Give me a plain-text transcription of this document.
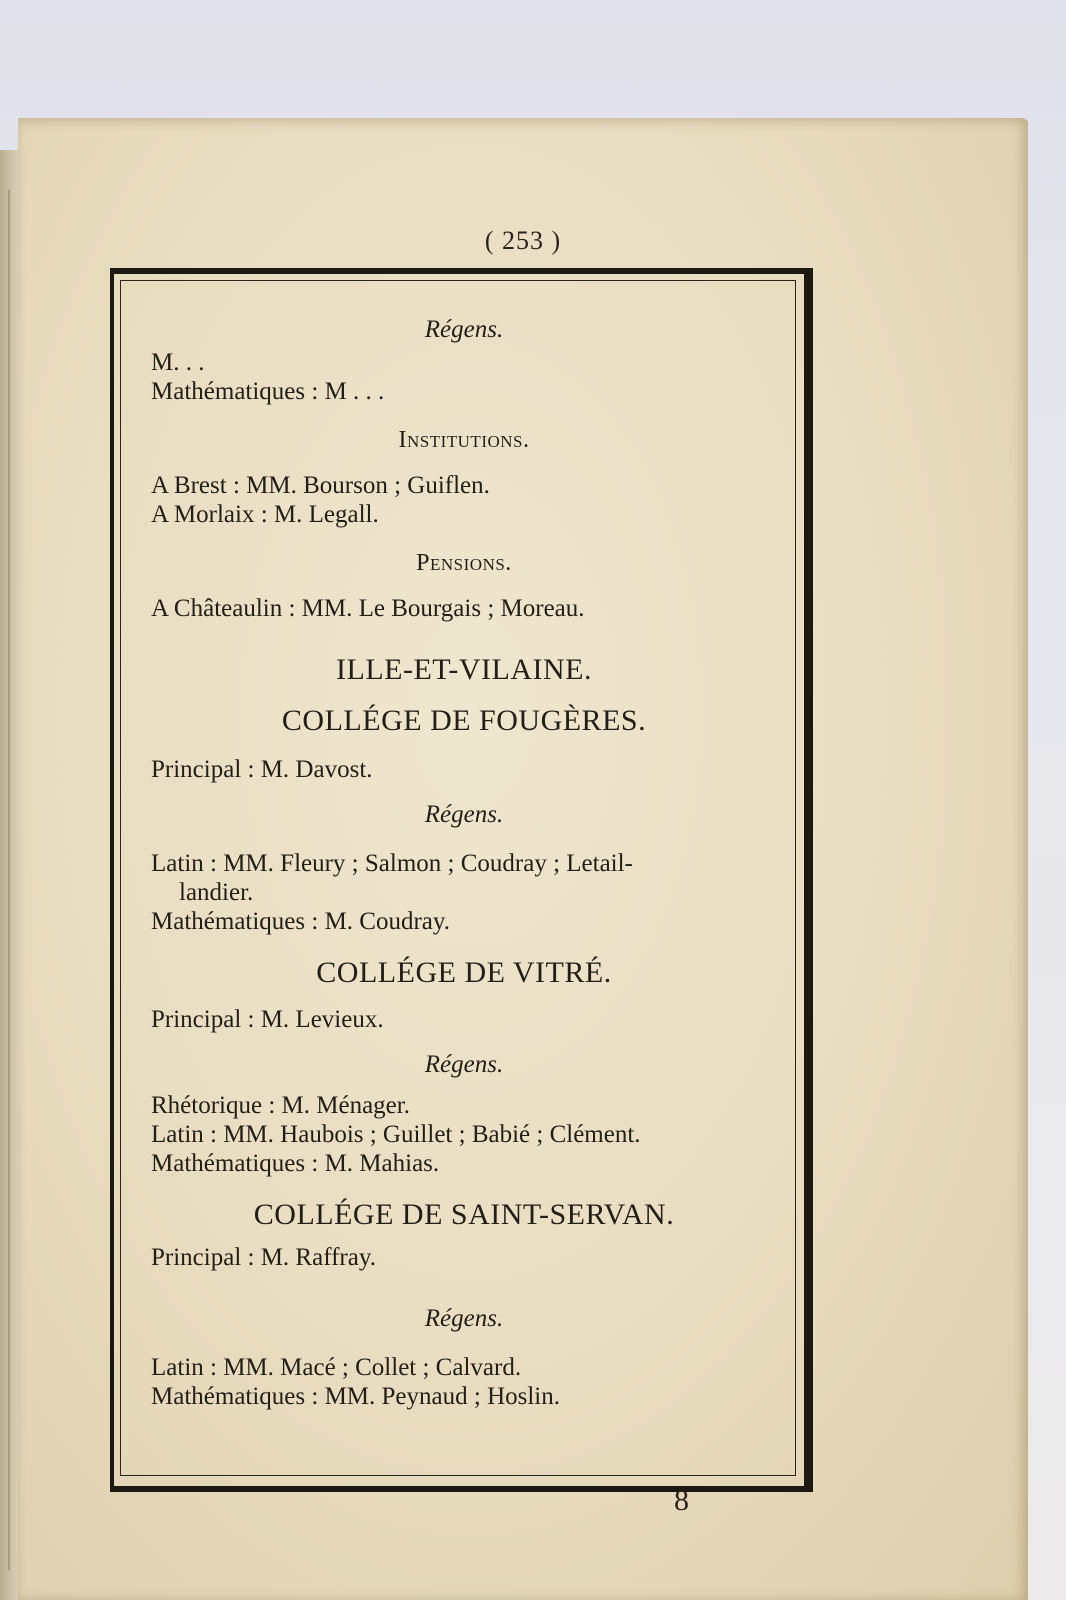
( 253 )
Régens.
M. . .
Mathématiques : M . . .
Institutions.
A Brest : MM. Bourson ; Guiflen.
A Morlaix : M. Legall.
Pensions.
A Châteaulin : MM. Le Bourgais ; Moreau.
ILLE-ET-VILAINE.
COLLÉGE DE FOUGÈRES.
Principal : M. Davost.
Régens.
Latin : MM. Fleury ; Salmon ; Coudray ; Letail-
landier.
Mathématiques : M. Coudray.
COLLÉGE DE VITRÉ.
Principal : M. Levieux.
Régens.
Rhétorique : M. Ménager.
Latin : MM. Haubois ; Guillet ; Babié ; Clément.
Mathématiques : M. Mahias.
COLLÉGE DE SAINT-SERVAN.
Principal : M. Raffray.
Régens.
Latin : MM. Macé ; Collet ; Calvard.
Mathématiques : MM. Peynaud ; Hoslin.
8
